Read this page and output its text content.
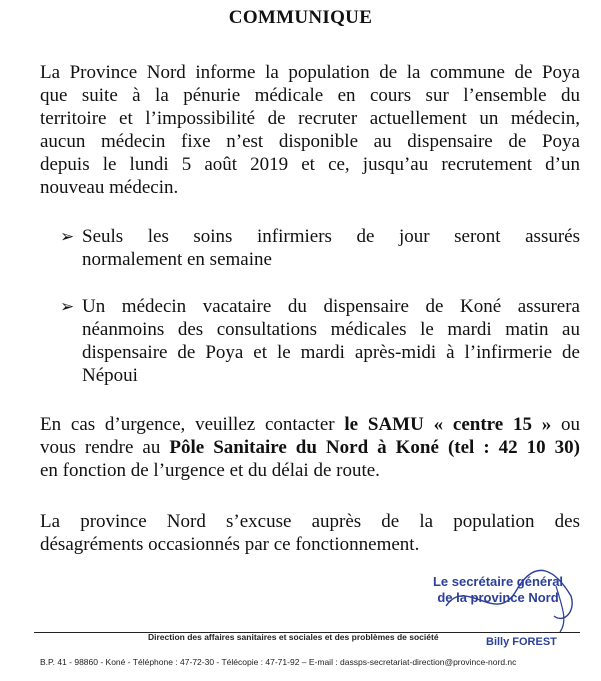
COMMUNIQUE
La Province Nord informe la population de la commune de Poya
que suite à la pénurie médicale en cours sur l’ensemble du
territoire et l’impossibilité de recruter actuellement un médecin,
aucun médecin fixe n’est disponible au dispensaire de Poya
depuis le lundi 5 août 2019 et ce, jusqu’au recrutement d’un
nouveau médecin.
➢ Seuls les soins infirmiers de jour seront assurés
normalement en semaine
➢ Un médecin vacataire du dispensaire de Koné assurera
néanmoins des consultations médicales le mardi matin au
dispensaire de Poya et le mardi après-midi à l’infirmerie de
Népoui
En cas d’urgence, veuillez contacter le SAMU « centre 15 » ou
vous rendre au Pôle Sanitaire du Nord à Koné (tel : 42 10 30)
en fonction de l’urgence et du délai de route.
La province Nord s’excuse auprès de la population des
désagréments occasionnés par ce fonctionnement.
Le secrétaire général
de la province Nord
Direction des affaires sanitaires et sociales et des problèmes de société	Billy FOREST
B.P. 41 - 98860 - Koné - Téléphone : 47-72-30 - Télécopie : 47-71-92 – E-mail : dassps-secretariat-direction@province-nord.nc
